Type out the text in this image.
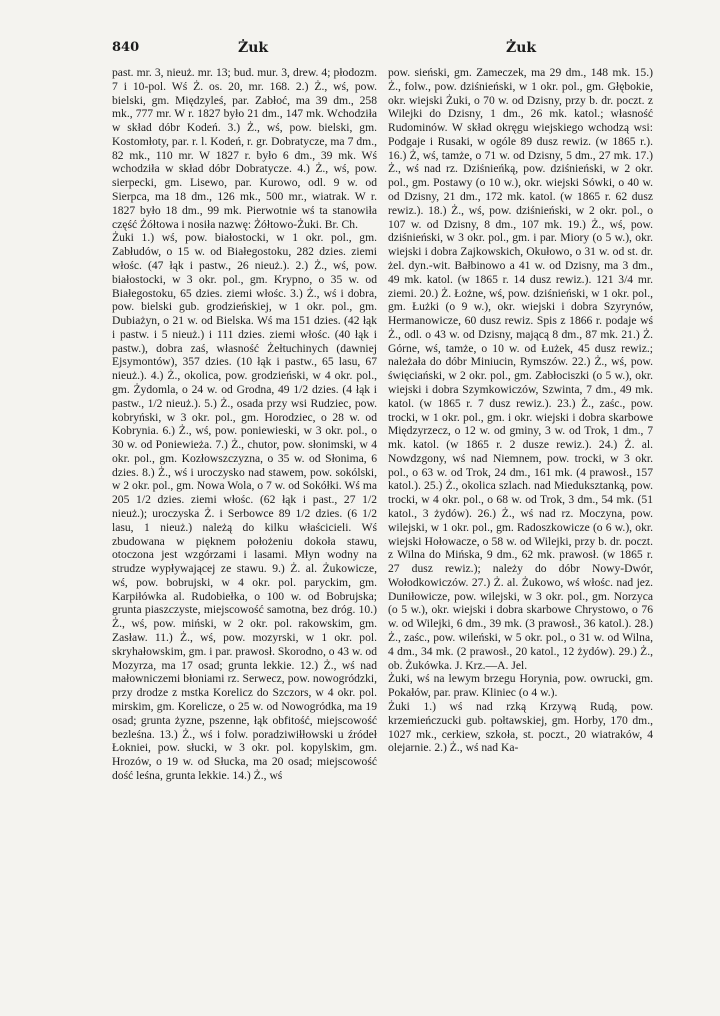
840	Żuk	Żuk

past. mr. 3, nieuż. mr. 13; bud. mur. 3, drew. 4; płodozm. 7 i 10-pol. Wś Ż. os. 20, mr. 168. 2.) Ż., wś, pow. bielski, gm. Międzyleś, par. Zabłoć, ma 39 dm., 258 mk., 777 mr. W r. 1827 było 21 dm., 147 mk. Wchodziła w skład dóbr Kodeń. 3.) Ż., wś, pow. bielski, gm. Kostomłoty, par. r. l. Kodeń, r. gr. Dobratycze, ma 7 dm., 82 mk., 110 mr. W 1827 r. było 6 dm., 39 mk. Wś wchodziła w skład dóbr Dobratycze. 4.) Ż., wś, pow. sierpecki, gm. Lisewo, par. Kurowo, odl. 9 w. od Sierpca, ma 18 dm., 126 mk., 500 mr., wiatrak. W r. 1827 było 18 dm., 99 mk. Pierwotnie wś ta stanowiła część Żółtowa i nosiła nazwę: Żółtowo-Żuki. Br. Ch.

Żuki 1.) wś, pow. białostocki, w 1 okr. pol., gm. Zabłudów, o 15 w. od Białegostoku, 282 dzies. ziemi włośc. (47 łąk i pastw., 26 nieuż.). 2.) Ż., wś, pow. białostocki, w 3 okr. pol., gm. Krypno, o 35 w. od Białegostoku, 65 dzies. ziemi włośc. 3.) Ż., wś i dobra, pow. bielski gub. grodzieńskiej, w 1 okr. pol., gm. Dubiażyn, o 21 w. od Bielska. Wś ma 151 dzies. (42 łąk i pastw. i 5 nieuż.) i 111 dzies. ziemi włośc. (40 łąk i pastw.), dobra zaś, własność Żełtuchinych (dawniej Ejsymontów), 357 dzies. (10 łąk i pastw., 65 lasu, 67 nieuż.). 4.) Ż., okolica, pow. grodzieński, w 4 okr. pol., gm. Żydomla, o 24 w. od Grodna, 49 1/2 dzies. (4 łąk i pastw., 1/2 nieuż.). 5.) Ż., osada przy wsi Rudziec, pow. kobryński, w 3 okr. pol., gm. Horodziec, o 28 w. od Kobrynia. 6.) Ż., wś, pow. poniewieski, w 3 okr. pol., o 30 w. od Poniewieża. 7.) Ż., chutor, pow. słonimski, w 4 okr. pol., gm. Kozłowszczyzna, o 35 w. od Słonima, 6 dzies. 8.) Ż., wś i uroczysko nad stawem, pow. sokólski, w 2 okr. pol., gm. Nowa Wola, o 7 w. od Sokółki. Wś ma 205 1/2 dzies. ziemi włośc. (62 łąk i past., 27 1/2 nieuż.); uroczyska Ż. i Serbowce 89 1/2 dzies. (6 1/2 lasu, 1 nieuż.) należą do kilku właścicieli. Wś zbudowana w pięknem położeniu dokoła stawu, otoczona jest wzgórzami i lasami. Młyn wodny na strudze wypływającej ze stawu. 9.) Ż. al. Żukowicze, wś, pow. bobrujski, w 4 okr. pol. paryckim, gm. Karpiłówka al. Rudobiełka, o 100 w. od Bobrujska; grunta piaszczyste, miejscowość samotna, bez dróg. 10.) Ż., wś, pow. miński, w 2 okr. pol. rakowskim, gm. Zasław. 11.) Ż., wś, pow. mozyrski, w 1 okr. pol. skryhałowskim, gm. i par. prawosł. Skorodno, o 43 w. od Mozyrza, ma 17 osad; grunta lekkie. 12.) Ż., wś nad małowniczemi błoniami rz. Serwecz, pow. nowogródzki, przy drodze z mstka Korelicz do Szczors, w 4 okr. pol. mirskim, gm. Korelicze, o 25 w. od Nowogródka, ma 19 osad; grunta żyzne, pszenne, łąk obfitość, miejscowość bezleśna. 13.) Ż., wś i folw. poradziwiłłowski u źródeł Łokniei, pow. słucki, w 3 okr. pol. kopylskim, gm. Hrozów, o 19 w. od Słucka, ma 20 osad; miejscowość dość leśna, grunta lekkie. 14.) Ż., wś

pow. sieński, gm. Zameczek, ma 29 dm., 148 mk. 15.) Ż., folw., pow. dziśnieński, w 1 okr. pol., gm. Głębokie, okr. wiejski Żuki, o 70 w. od Dzisny, przy b. dr. poczt. z Wilejki do Dzisny, 1 dm., 26 mk. katol.; własność Rudominów. W skład okręgu wiejskiego wchodzą wsi: Podgaje i Rusaki, w ogóle 89 dusz rewiz. (w 1865 r.). 16.) Ż, wś, tamże, o 71 w. od Dzisny, 5 dm., 27 mk. 17.) Ż., wś nad rz. Dziśnieńką, pow. dziśnieński, w 2 okr. pol., gm. Postawy (o 10 w.), okr. wiejski Sówki, o 40 w. od Dzisny, 21 dm., 172 mk. katol. (w 1865 r. 62 dusz rewiz.). 18.) Ż., wś, pow. dziśnieński, w 2 okr. pol., o 107 w. od Dzisny, 8 dm., 107 mk. 19.) Ż., wś, pow. dziśnieński, w 3 okr. pol., gm. i par. Miory (o 5 w.), okr. wiejski i dobra Zajkowskich, Okułowo, o 31 w. od st. dr. żel. dyn.-wit. Bałbinowo a 41 w. od Dzisny, ma 3 dm., 49 mk. katol. (w 1865 r. 14 dusz rewiz.). 121 3/4 mr. ziemi. 20.) Ż. Łożne, wś, pow. dziśnieński, w 1 okr. pol., gm. Łużki (o 9 w.), okr. wiejski i dobra Szyrynów, Hermanowicze, 60 dusz rewiz. Spis z 1866 r. podaje wś Ż., odl. o 43 w. od Dzisny, mającą 8 dm., 87 mk. 21.) Ż. Górne, wś, tamże, o 10 w. od Łużek, 45 dusz rewiz.; należała do dóbr Miniucin, Rymszów. 22.) Ż., wś, pow. święciański, w 2 okr. pol., gm. Zabłociszki (o 5 w.), okr. wiejski i dobra Szymkowiczów, Szwinta, 7 dm., 49 mk. katol. (w 1865 r. 7 dusz rewiz.). 23.) Ż., zaśc., pow. trocki, w 1 okr. pol., gm. i okr. wiejski i dobra skarbowe Międzyrzecz, o 12 w. od gminy, 3 w. od Trok, 1 dm., 7 mk. katol. (w 1865 r. 2 dusze rewiz.). 24.) Ż. al. Nowdzgony, wś nad Niemnem, pow. trocki, w 3 okr. pol., o 63 w. od Trok, 24 dm., 161 mk. (4 prawosł., 157 katol.). 25.) Ż., okolica szlach. nad Mieduksztanką, pow. trocki, w 4 okr. pol., o 68 w. od Trok, 3 dm., 54 mk. (51 katol., 3 żydów). 26.) Ż., wś nad rz. Moczyna, pow. wilejski, w 1 okr. pol., gm. Radoszkowicze (o 6 w.), okr. wiejski Hołowacze, o 58 w. od Wilejki, przy b. dr. poczt. z Wilna do Mińska, 9 dm., 62 mk. prawosł. (w 1865 r. 27 dusz rewiz.); należy do dóbr Nowy-Dwór, Wołodkowiczów. 27.) Ż. al. Żukowo, wś włośc. nad jez. Duniłowicze, pow. wilejski, w 3 okr. pol., gm. Norzyca (o 5 w.), okr. wiejski i dobra skarbowe Chrystowo, o 76 w. od Wilejki, 6 dm., 39 mk. (3 prawosł., 36 katol.). 28.) Ż., zaśc., pow. wileński, w 5 okr. pol., o 31 w. od Wilna, 4 dm., 34 mk. (2 prawosł., 20 katol., 12 żydów). 29.) Ż., ob. Żukówka. J. Krz.—A. Jel.

Żuki, wś na lewym brzegu Horynia, pow. owrucki, gm. Pokałów, par. praw. Kliniec (o 4 w.).

Żuki 1.) wś nad rzką Krzywą Rudą, pow. krzemieńczucki gub. połtawskiej, gm. Horby, 170 dm., 1027 mk., cerkiew, szkoła, st. poczt., 20 wiatraków, 4 olejarnie. 2.) Ż., wś nad Ka-
